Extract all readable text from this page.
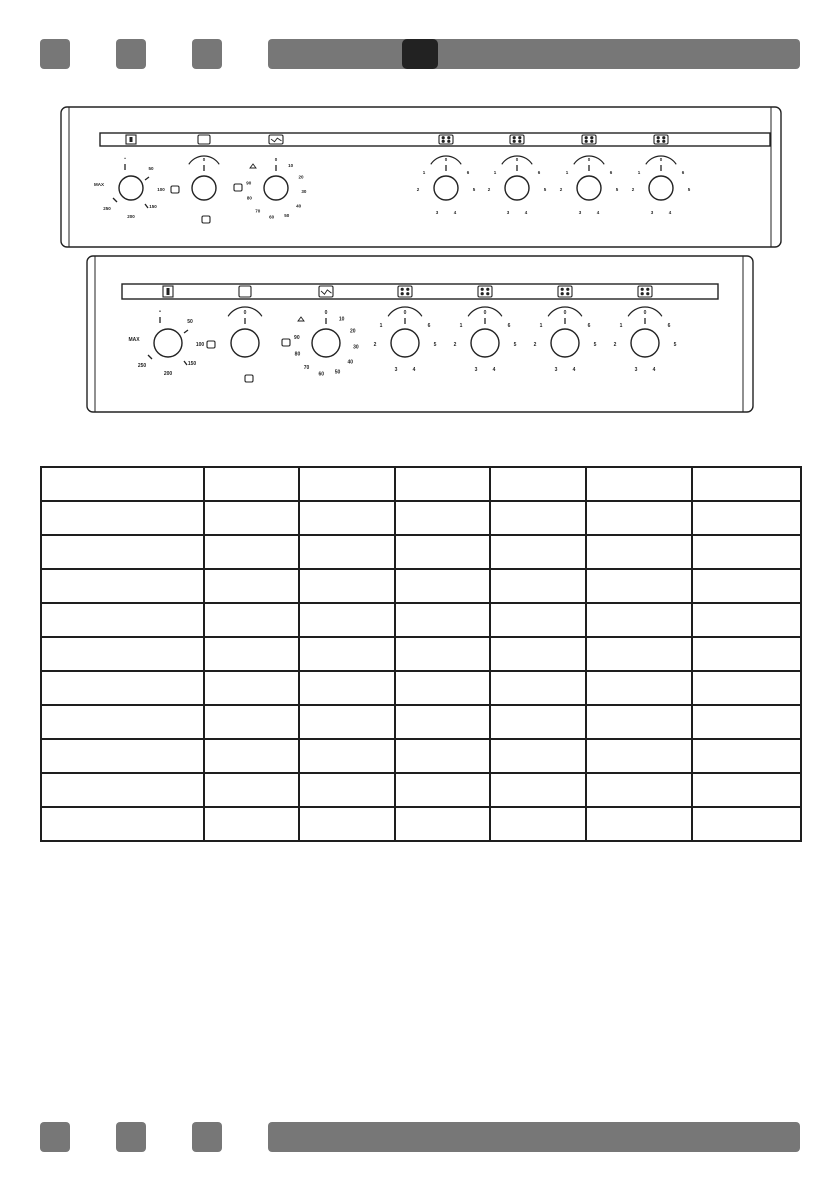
•
50
100
150
200
250
MAX
0	0
10
20
30
40
50
60
70
80
90
0
1	6
2	5
3	4
0
1	6
2	5
3	4
0
1	6
2	5
3	4
0
1	6
2	5
3	4
•
50
100
150
200
250
MAX
0	0
10
20
30
40
50
60
70
80
90
0
1	6
2	5
3	4
0
1	6
2	5
3	4
0
1	6
2	5
3	4
0
1	6
2	5
3	4
